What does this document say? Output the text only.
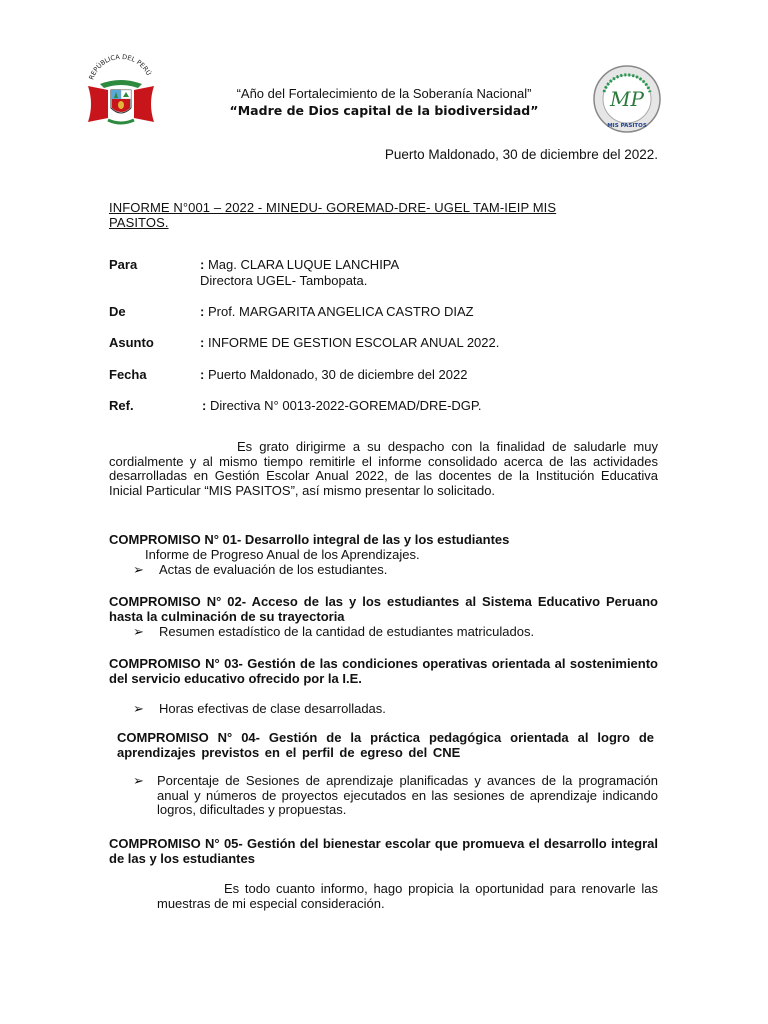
REPÚBLICA DEL PERÚ
MP
MIS PASITOS
“Año del Fortalecimiento de la Soberanía Nacional”
“Madre de Dios capital de la biodiversidad”
Puerto Maldonado, 30 de diciembre del 2022.
INFORME N°001 – 2022 - MINEDU- GOREMAD-DRE- UGEL TAM-IEIP MIS
PASITOS.
Para	: Mag. CLARA LUQUE LANCHIPA
Directora UGEL- Tambopata.
De	: Prof. MARGARITA ANGELICA CASTRO DIAZ
Asunto	: INFORME DE GESTION ESCOLAR ANUAL 2022.
Fecha	: Puerto Maldonado, 30 de diciembre del 2022
Ref.	: Directiva N° 0013-2022-GOREMAD/DRE-DGP.
Es grato dirigirme a su despacho con la finalidad de saludarle muy cordialmente y al mismo tiempo remitirle el informe consolidado acerca de las actividades desarrolladas en Gestión Escolar Anual 2022, de las docentes de la Institución Educativa Inicial Particular “MIS PASITOS”, así mismo presentar lo solicitado.
COMPROMISO N° 01- Desarrollo integral de las y los estudiantes
Informe de Progreso Anual de los Aprendizajes.
➢ Actas de evaluación de los estudiantes.
COMPROMISO N° 02- Acceso de las y los estudiantes al Sistema Educativo Peruano hasta la culminación de su trayectoria
➢ Resumen estadístico de la cantidad de estudiantes matriculados.
COMPROMISO N° 03- Gestión de las condiciones operativas orientada al sostenimiento del servicio educativo ofrecido por la I.E.
➢ Horas efectivas de clase desarrolladas.
COMPROMISO N° 04- Gestión de la práctica pedagógica orientada al logro de aprendizajes previstos en el perfil de egreso del CNE
➢	Porcentaje de Sesiones de aprendizaje planificadas y avances de la programación anual y números de proyectos ejecutados en las sesiones de aprendizaje indicando logros, dificultades y propuestas.
COMPROMISO N° 05- Gestión del bienestar escolar que promueva el desarrollo integral de las y los estudiantes
Es todo cuanto informo, hago propicia la oportunidad para renovarle las muestras de mi especial consideración.
